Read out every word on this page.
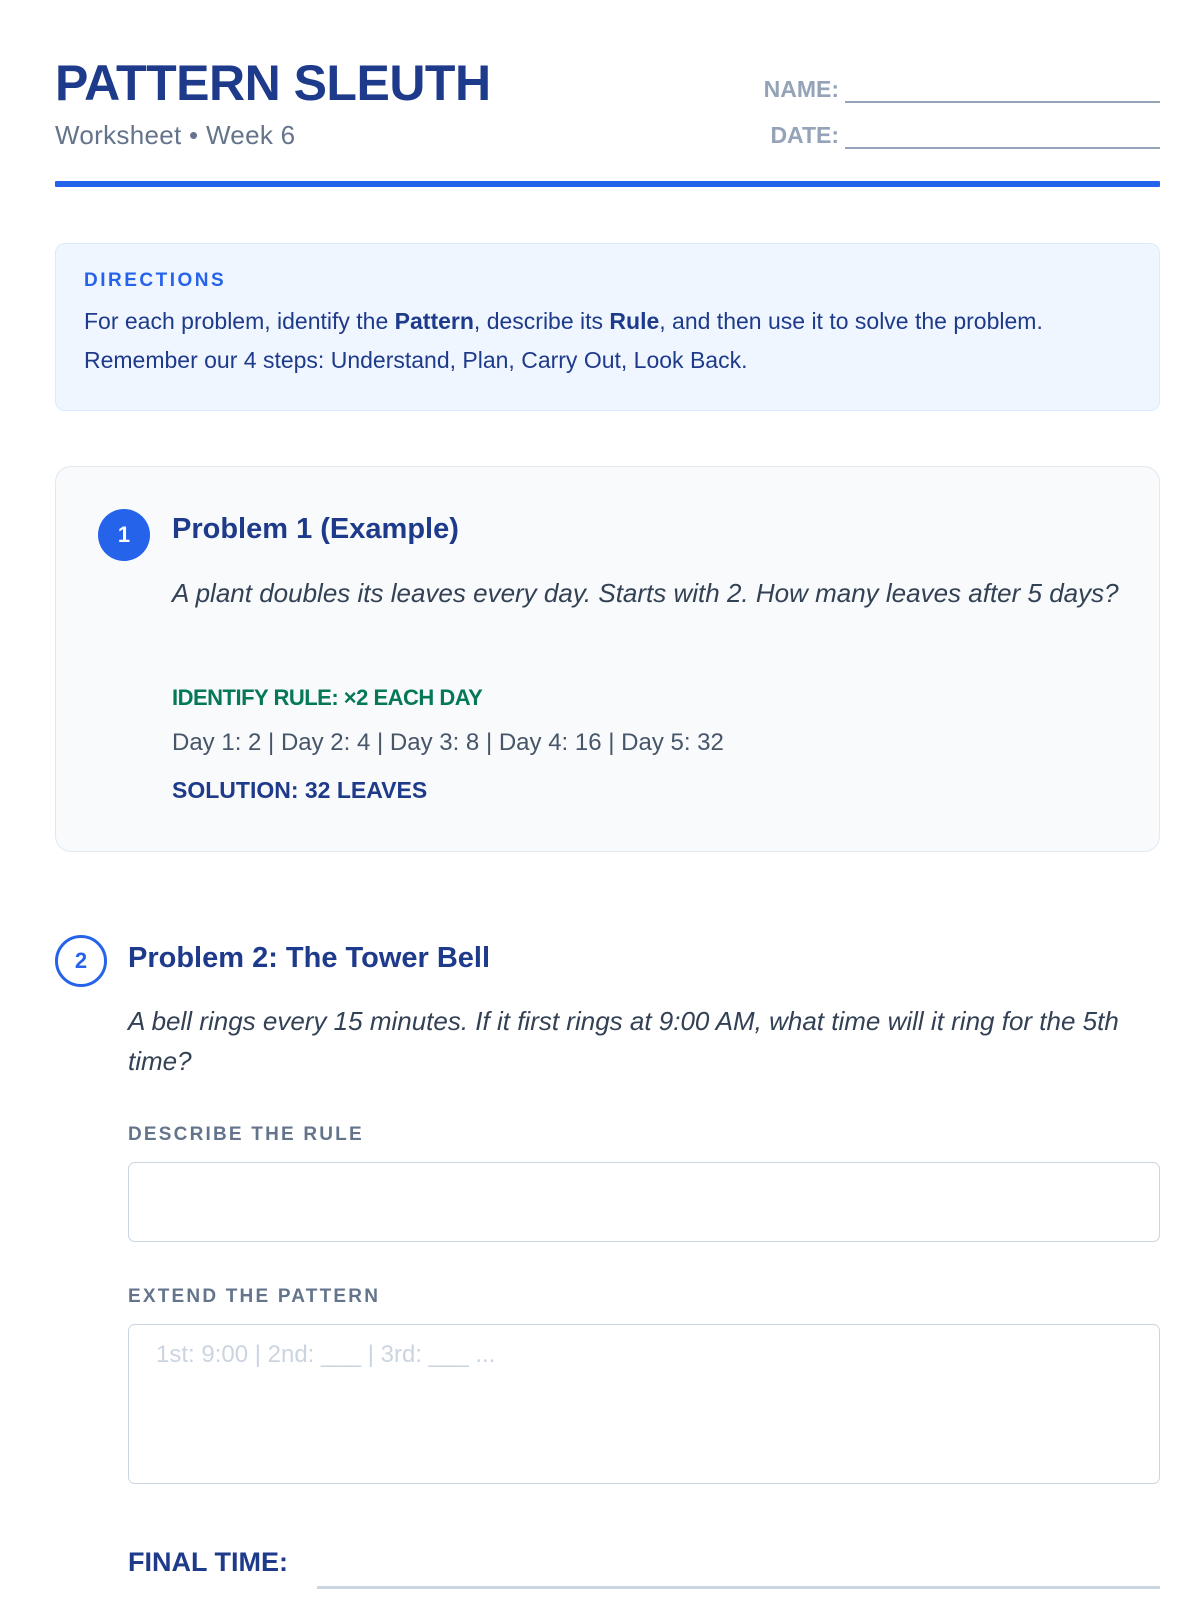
PATTERN SLEUTH
Worksheet • Week 6
NAME:
DATE:
DIRECTIONS
For each problem, identify the Pattern, describe its Rule, and then use it to solve the problem.
Remember our 4 steps: Understand, Plan, Carry Out, Look Back.
1	Problem 1 (Example)
A plant doubles its leaves every day. Starts with 2. How many leaves after 5 days?
IDENTIFY RULE: ×2 EACH DAY
Day 1: 2 | Day 2: 4 | Day 3: 8 | Day 4: 16 | Day 5: 32
SOLUTION: 32 LEAVES
2	Problem 2: The Tower Bell
A bell rings every 15 minutes. If it first rings at 9:00 AM, what time will it ring for the 5th time?
DESCRIBE THE RULE
EXTEND THE PATTERN
1st: 9:00 | 2nd: ___ | 3rd: ___ ...
FINAL TIME:
